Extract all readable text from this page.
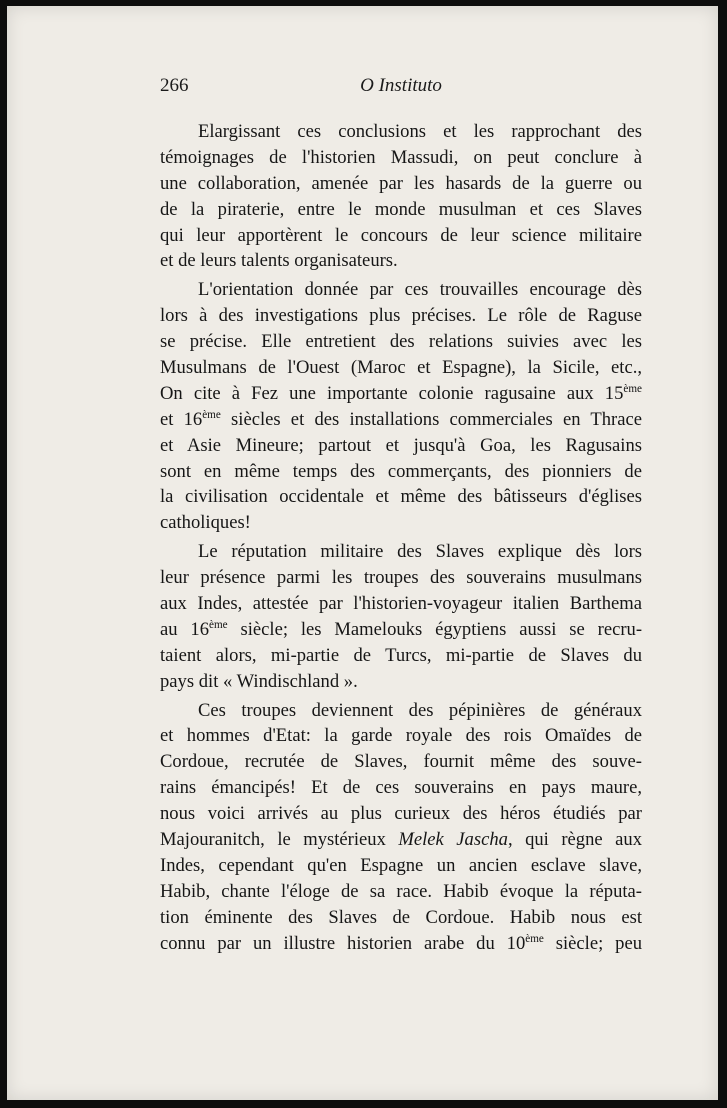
266	O Instituto
Elargissant ces conclusions et les rapprochant des
témoignages de l'historien Massudi, on peut conclure à
une collaboration, amenée par les hasards de la guerre ou
de la piraterie, entre le monde musulman et ces Slaves
qui leur apportèrent le concours de leur science militaire
et de leurs talents organisateurs.
L'orientation donnée par ces trouvailles encourage dès
lors à des investigations plus précises. Le rôle de Raguse
se précise. Elle entretient des relations suivies avec les
Musulmans de l'Ouest (Maroc et Espagne), la Sicile, etc.,
On cite à Fez une importante colonie ragusaine aux 15ème
et 16ème siècles et des installations commerciales en Thrace
et Asie Mineure; partout et jusqu'à Goa, les Ragusains
sont en même temps des commerçants, des pionniers de
la civilisation occidentale et même des bâtisseurs d'églises
catholiques!
Le réputation militaire des Slaves explique dès lors
leur présence parmi les troupes des souverains musulmans
aux Indes, attestée par l'historien-voyageur italien Barthema
au 16ème siècle; les Mamelouks égyptiens aussi se recru-
taient alors, mi-partie de Turcs, mi-partie de Slaves du
pays dit « Windischland ».
Ces troupes deviennent des pépinières de généraux
et hommes d'Etat: la garde royale des rois Omaïdes de
Cordoue, recrutée de Slaves, fournit même des souve-
rains émancipés! Et de ces souverains en pays maure,
nous voici arrivés au plus curieux des héros étudiés par
Majouranitch, le mystérieux Melek Jascha, qui règne aux
Indes, cependant qu'en Espagne un ancien esclave slave,
Habib, chante l'éloge de sa race. Habib évoque la réputa-
tion éminente des Slaves de Cordoue. Habib nous est
connu par un illustre historien arabe du 10ème siècle; peu
